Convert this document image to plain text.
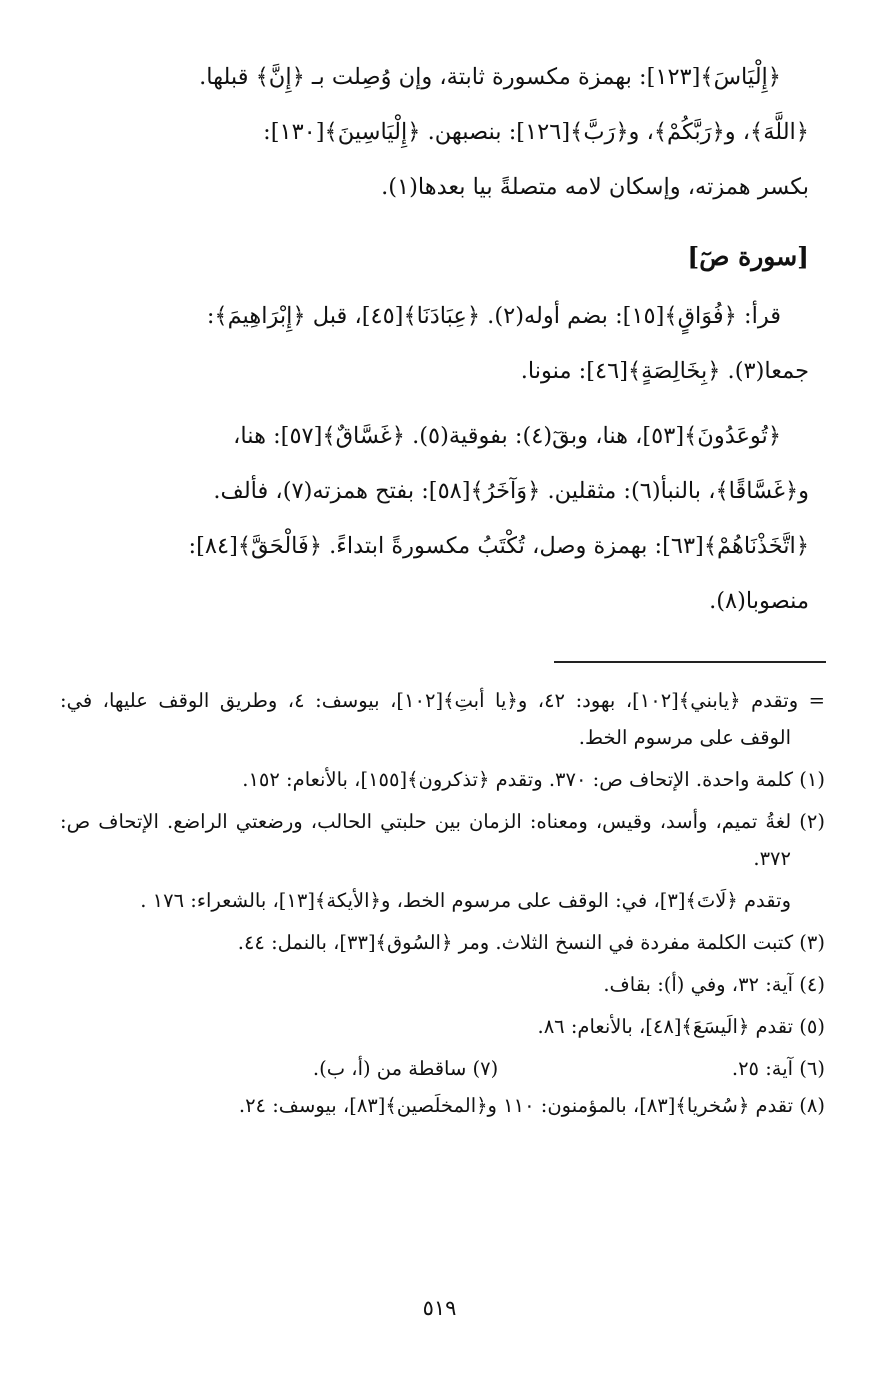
﴿إِلْيَاسَ﴾[١٢٣]: بهمزة مكسورة ثابتة، وإن وُصِلت بـ ﴿إِنَّ﴾ قبلها.

﴿اللَّهَ﴾، و﴿رَبَّكُمْ﴾، و﴿رَبَّ﴾[١٢٦]: بنصبهن. ﴿إِلْيَاسِينَ﴾[١٣٠]:

بكسر همزته، وإسكان لامه متصلةً بيا بعدها(١).

[سورة صٓ]

قرأ: ﴿فُوَاقٍ﴾[١٥]: بضم أوله(٢). ﴿عِبَادَنَا﴾[٤٥]، قبل ﴿إِبْرَاهِيمَ﴾:

جمعا(٣). ﴿بِخَالِصَةٍ﴾[٤٦]: منونا.

﴿تُوعَدُونَ﴾[٥٣]، هنا، وبقٓ(٤): بفوقية(٥). ﴿غَسَّاقٌ﴾[٥٧]: هنا،

و﴿غَسَّاقًا﴾، بالنبأ(٦): مثقلين. ﴿وَآخَرُ﴾[٥٨]: بفتح همزته(٧)، فألف.

﴿اتَّخَذْنَاهُمْ﴾[٦٣]: بهمزة وصل، تُكْتَبُ مكسورةً ابتداءً. ﴿فَالْحَقَّ﴾[٨٤]:

منصوبا(٨).

= وتقدم ﴿يابني﴾[١٠٢]، بهود: ٤٢، و﴿يا أبتِ﴾[١٠٢]، بيوسف: ٤، وطريق الوقف عليها، في: الوقف على مرسوم الخط.

(١) كلمة واحدة. الإتحاف ص: ٣٧٠. وتقدم ﴿تذكرون﴾[١٥٥]، بالأنعام: ١٥٢.

(٢) لغةُ تميم، وأسد، وقيس، ومعناه: الزمان بين حلبتي الحالب، ورضعتي الراضع. الإتحاف ص: ٣٧٢.

وتقدم ﴿لَاتَ﴾[٣]، في: الوقف على مرسوم الخط، و﴿الأيكة﴾[١٣]، بالشعراء: ١٧٦ .

(٣) كتبت الكلمة مفردة في النسخ الثلاث. ومر ﴿السُوق﴾[٣٣]، بالنمل: ٤٤.

(٤) آية: ٣٢، وفي (أ): بقاف.

(٥) تقدم ﴿الَيسَعَ﴾[٤٨]، بالأنعام: ٨٦.

(٦) آية: ٢٥.

(٧) ساقطة من (أ، ب).

(٨) تقدم ﴿سُخريا﴾[٨٣]، بالمؤمنون: ١١٠ و﴿المخلَصين﴾[٨٣]، بيوسف: ٢٤.

٥١٩
